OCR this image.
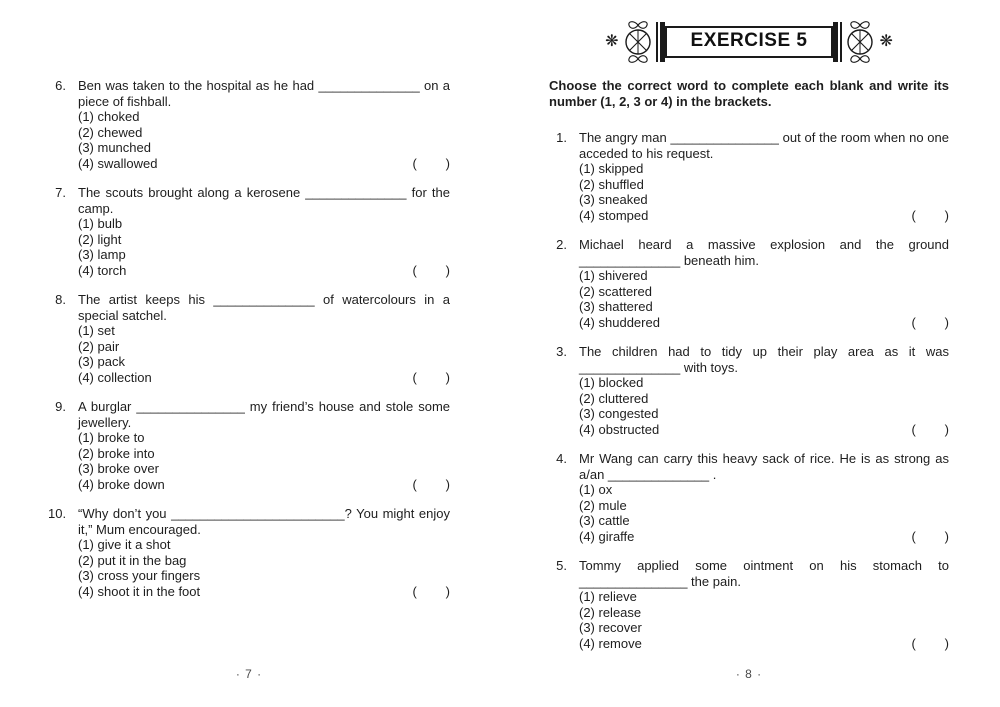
6. Ben was taken to the hospital as he had ______________ on a piece of fishball.

(1) choked
(2) chewed
(3) munched
(4) swallowed	(        )
7. The scouts brought along a kerosene ______________ for the camp.

(1) bulb
(2) light
(3) lamp
(4) torch	(        )
8. The artist keeps his ______________ of watercolours in a special satchel.

(1) set
(2) pair
(3) pack
(4) collection	(        )
9. A burglar _______________ my friend’s house and stole some jewellery.

(1) broke to
(2) broke into
(3) broke over
(4) broke down	(        )
10. “Why don’t you ________________________? You might enjoy it,” Mum encouraged.

(1) give it a shot
(2) put it in the bag
(3) cross your fingers
(4) shoot it in the foot	(        )
· 7 ·
❋	EXERCISE 5	❋

Choose the correct word to complete each blank and write its number (1, 2, 3 or 4) in the brackets.

1. The angry man _______________ out of the room when no one acceded to his request.

(1) skipped
(2) shuffled
(3) sneaked
(4) stomped	(        )
2. Michael heard a massive explosion and the ground ______________ beneath him.

(1) shivered
(2) scattered
(3) shattered
(4) shuddered	(        )
3. The children had to tidy up their play area as it was ______________ with toys.

(1) blocked
(2) cluttered
(3) congested
(4) obstructed	(        )
4. Mr Wang can carry this heavy sack of rice. He is as strong as a/an ______________ .

(1) ox
(2) mule
(3) cattle
(4) giraffe	(        )
5. Tommy applied some ointment on his stomach to _______________ the pain.

(1) relieve
(2) release
(3) recover
(4) remove	(        )
· 8 ·
